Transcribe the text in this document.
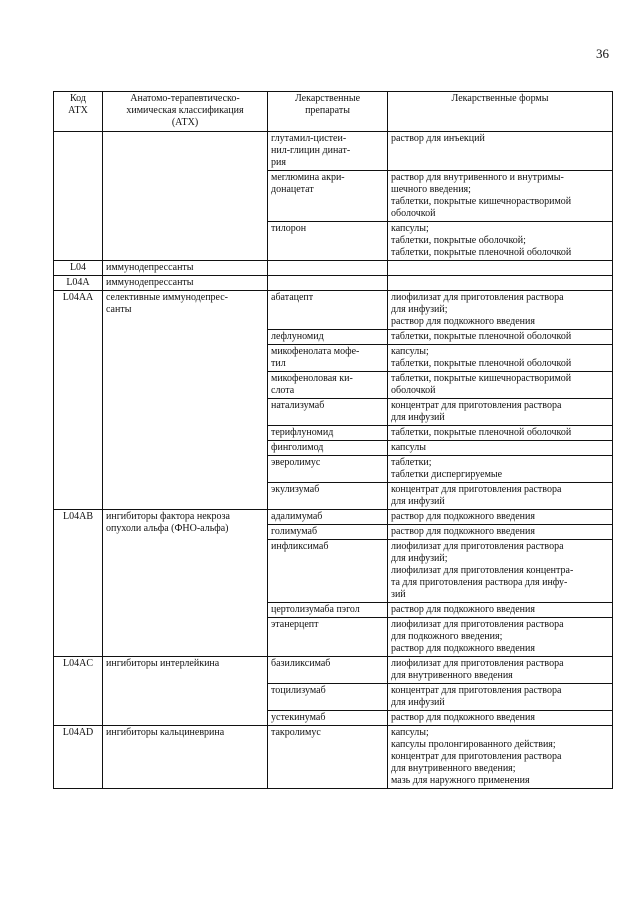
36
Код
АТХ	Анатомо-терапевтическо-
химическая классификация
(АТХ)	Лекарственные
препараты	Лекарственные формы

		глутамил-цистеи-
нил-глицин динат-
рия	раствор для инъекций

		меглюмина акри-
донацетат	раствор для внутривенного и внутримы-
шечного введения;
таблетки, покрытые кишечнорастворимой
оболочкой

		тилорон	капсулы;
таблетки, покрытые оболочкой;
таблетки, покрытые пленочной оболочкой

L04	иммунодепрессанты		

L04A	иммунодепрессанты		

L04AA	селективные иммунодепрес-
санты	абатацепт	лиофилизат для приготовления раствора
для инфузий;
раствор для подкожного введения

		лефлуномид	таблетки, покрытые пленочной оболочкой

		микофенолата мофе-
тил	капсулы;
таблетки, покрытые пленочной оболочкой

		микофеноловая ки-
слота	таблетки, покрытые кишечнорастворимой
оболочкой

		натализумаб	концентрат для приготовления раствора
для инфузий

		терифлуномид	таблетки, покрытые пленочной оболочкой

		финголимод	капсулы

		эверолимус	таблетки;
таблетки диспергируемые

		экулизумаб	концентрат для приготовления раствора
для инфузий

L04AB	ингибиторы фактора некроза
опухоли альфа (ФНО-альфа)	адалимумаб	раствор для подкожного введения

		голимумаб	раствор для подкожного введения

		инфликсимаб	лиофилизат для приготовления раствора
для инфузий;
лиофилизат для приготовления концентра-
та для приготовления раствора для инфу-
зий

		цертолизумаба пэгол	раствор для подкожного введения

		этанерцепт	лиофилизат для приготовления раствора
для подкожного введения;
раствор для подкожного введения

L04AC	ингибиторы интерлейкина	базиликсимаб	лиофилизат для приготовления раствора
для внутривенного введения

		тоцилизумаб	концентрат для приготовления раствора
для инфузий

		устекинумаб	раствор для подкожного введения

L04AD	ингибиторы кальциневрина	такролимус	капсулы;
капсулы пролонгированного действия;
концентрат для приготовления раствора
для внутривенного введения;
мазь для наружного применения
